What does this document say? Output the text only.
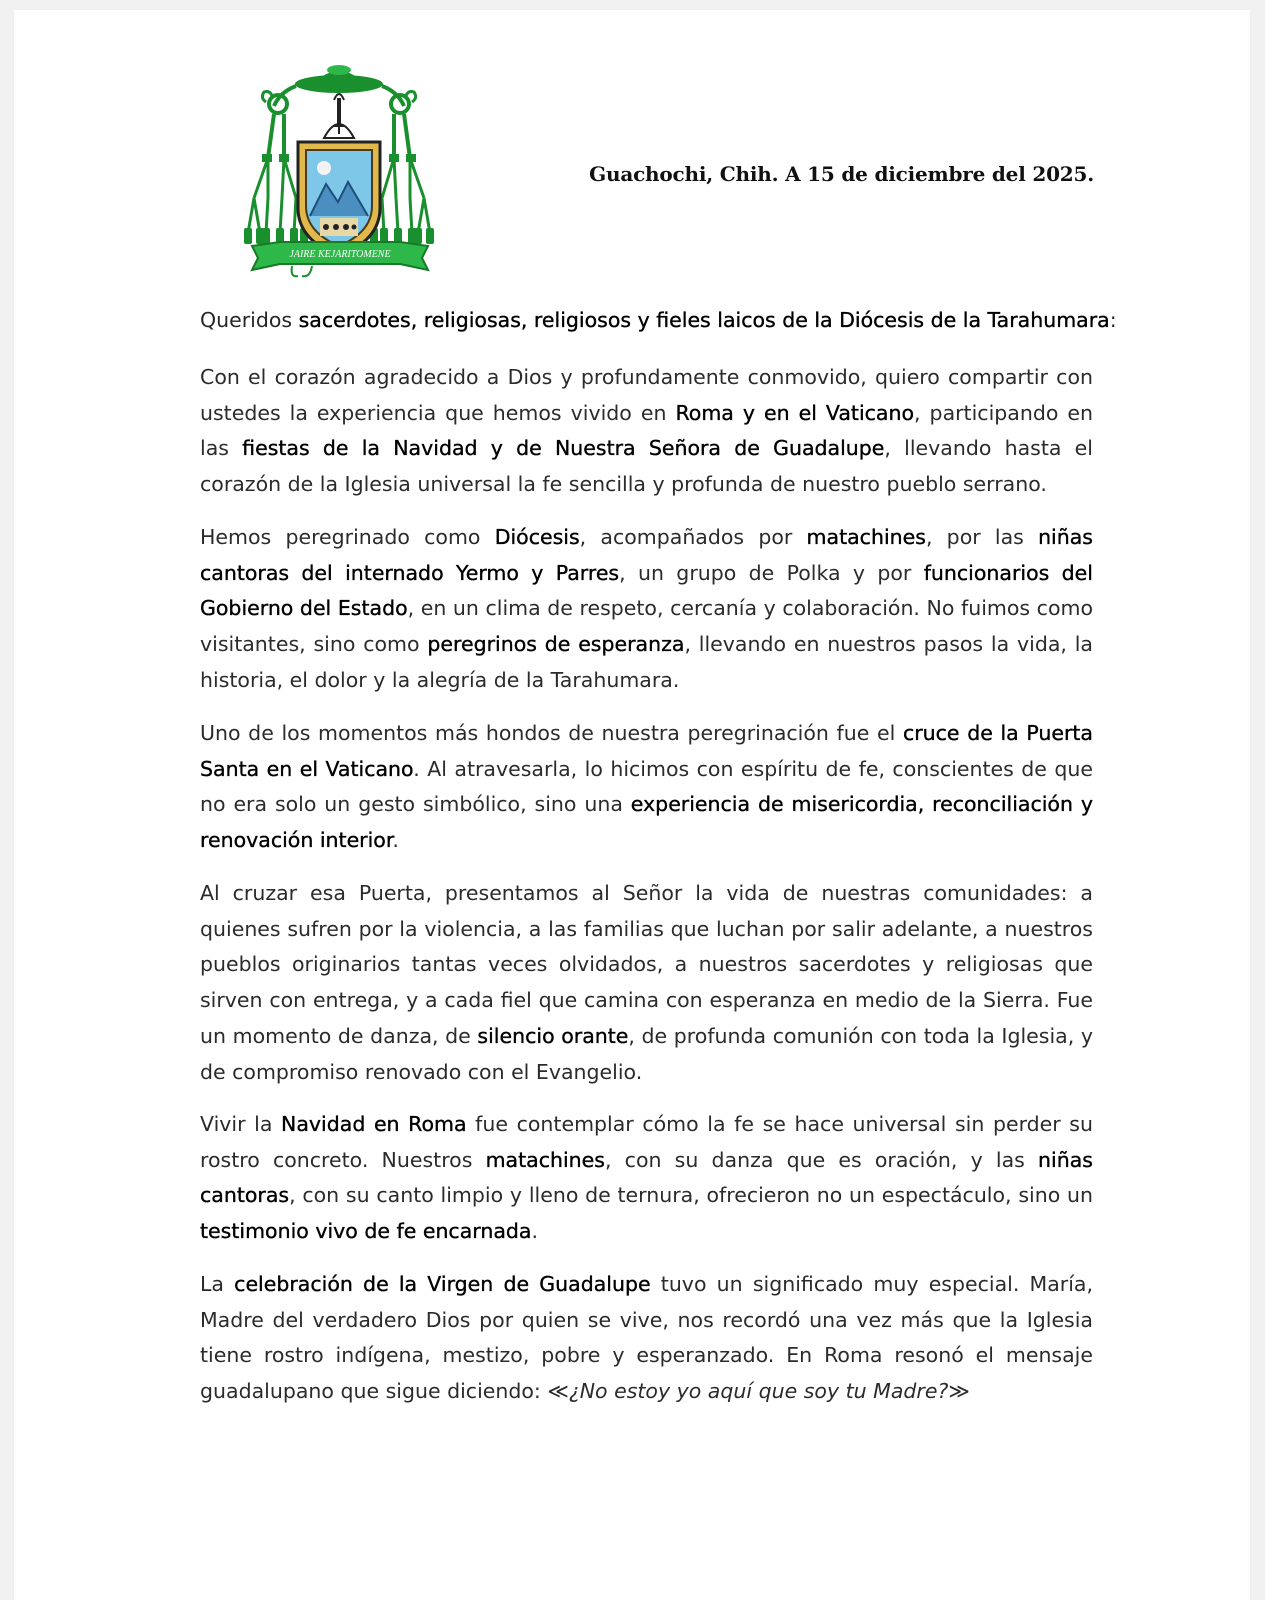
JAIRE KEJARITOMENE
Guachochi, Chih. A 15 de diciembre del 2025.
Queridos sacerdotes, religiosas, religiosos y fieles laicos de la Diócesis de la Tarahumara:

Con el corazón agradecido a Dios y profundamente conmovido, quiero compartir con ustedes la experiencia que hemos vivido en Roma y en el Vaticano, participando en las fiestas de la Navidad y de Nuestra Señora de Guadalupe, llevando hasta el corazón de la Iglesia universal la fe sencilla y profunda de nuestro pueblo serrano.

Hemos peregrinado como Diócesis, acompañados por matachines, por las niñas cantoras del internado Yermo y Parres, un grupo de Polka y por funcionarios del Gobierno del Estado, en un clima de respeto, cercanía y colaboración. No fuimos como visitantes, sino como peregrinos de esperanza, llevando en nuestros pasos la vida, la historia, el dolor y la alegría de la Tarahumara.

Uno de los momentos más hondos de nuestra peregrinación fue el cruce de la Puerta Santa en el Vaticano. Al atravesarla, lo hicimos con espíritu de fe, conscientes de que no era solo un gesto simbólico, sino una experiencia de misericordia, reconciliación y renovación interior.

Al cruzar esa Puerta, presentamos al Señor la vida de nuestras comunidades: a quienes sufren por la violencia, a las familias que luchan por salir adelante, a nuestros pueblos originarios tantas veces olvidados, a nuestros sacerdotes y religiosas que sirven con entrega, y a cada fiel que camina con esperanza en medio de la Sierra. Fue un momento de danza, de silencio orante, de profunda comunión con toda la Iglesia, y de compromiso renovado con el Evangelio.

Vivir la Navidad en Roma fue contemplar cómo la fe se hace universal sin perder su rostro concreto. Nuestros matachines, con su danza que es oración, y las niñas cantoras, con su canto limpio y lleno de ternura, ofrecieron no un espectáculo, sino un testimonio vivo de fe encarnada.

La celebración de la Virgen de Guadalupe tuvo un significado muy especial. María, Madre del verdadero Dios por quien se vive, nos recordó una vez más que la Iglesia tiene rostro indígena, mestizo, pobre y esperanzado. En Roma resonó el mensaje guadalupano que sigue diciendo: ≪¿No estoy yo aquí que soy tu Madre?≫
